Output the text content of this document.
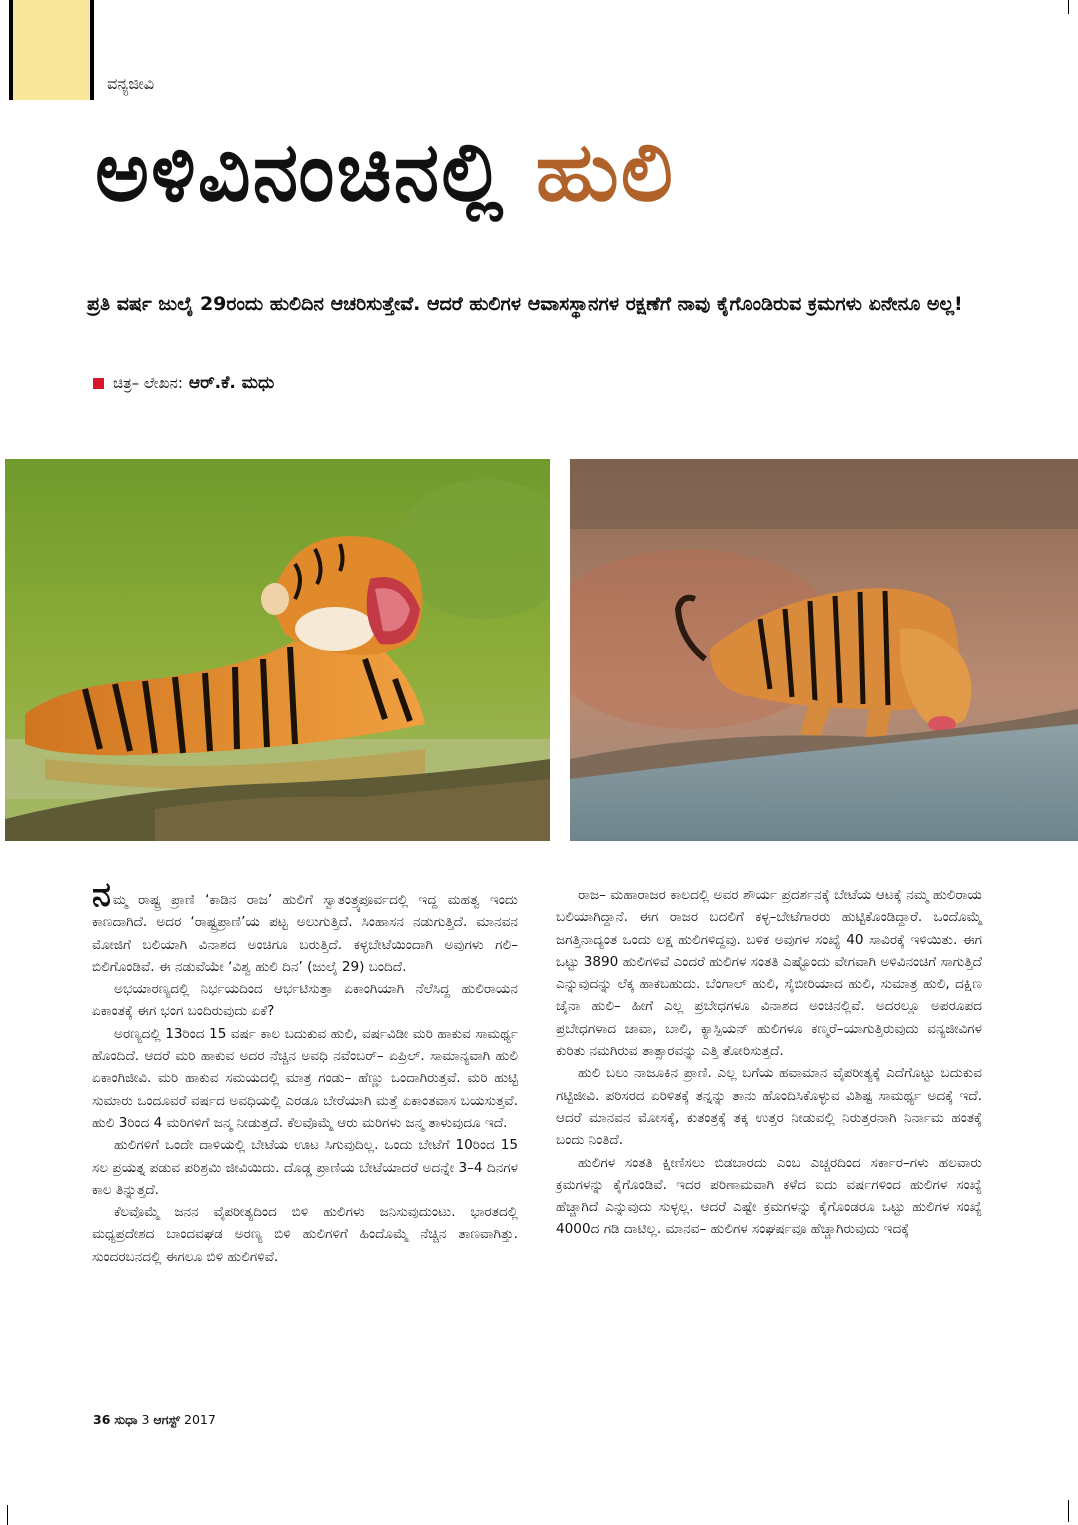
ವನ್ಯಜೀವಿ
ಅಳಿವಿನಂಚಿನಲ್ಲಿ ಹುಲಿ
ಪ್ರತಿ ವರ್ಷ ಜುಲೈ 29ರಂದು ಹುಲಿದಿನ ಆಚರಿಸುತ್ತೇವೆ. ಆದರೆ ಹುಲಿಗಳ ಆವಾಸಸ್ಥಾನಗಳ ರಕ್ಷಣೆಗೆ ನಾವು ಕೈಗೊಂಡಿರುವ ಕ್ರಮಗಳು ಏನೇನೂ ಅಲ್ಲ!
ಚಿತ್ರ– ಲೇಖನ: ಆರ್.ಕೆ. ಮಧು

ನಮ್ಮ ರಾಷ್ಟ್ರ ಪ್ರಾಣಿ ‘ಕಾಡಿನ ರಾಜ’ ಹುಲಿಗೆ ಸ್ವಾತಂತ್ರ್ಯಪೂರ್ವದಲ್ಲಿ ಇದ್ದ ಮಹತ್ವ ಇಂದು ಕಾಣದಾಗಿದೆ. ಅದರ ‘ರಾಷ್ಟ್ರಪ್ರಾಣಿ’ಯ ಪಟ್ಟ ಅಲುಗುತ್ತಿದೆ. ಸಿಂಹಾಸನ ನಡುಗುತ್ತಿದೆ. ಮಾನವನ ಮೋಜಿಗೆ ಬಲಿಯಾಗಿ ವಿನಾಶದ ಅಂಚಿಗೂ ಬರುತ್ತಿದೆ. ಕಳ್ಳಬೇಟೆಯಿಂದಾಗಿ ಅವುಗಳು ಗಲಿ–ಬಿಲಿಗೊಂಡಿವೆ. ಈ ನಡುವೆಯೇ ‘ವಿಶ್ವ ಹುಲಿ ದಿನ’ (ಜುಲೈ 29) ಬಂದಿದೆ.

ಅಭಯಾರಣ್ಯದಲ್ಲಿ ನಿರ್ಭಯದಿಂದ ಆರ್ಭಟಿಸುತ್ತಾ ಏಕಾಂಗಿಯಾಗಿ ನೆಲೆಸಿದ್ದ ಹುಲಿರಾಯನ ಏಕಾಂತಕ್ಕೆ ಈಗ ಭಂಗ ಬಂದಿರುವುದು ಏಕೆ?

ಅರಣ್ಯದಲ್ಲಿ 13ರಿಂದ 15 ವರ್ಷ ಕಾಲ ಬದುಕುವ ಹುಲಿ, ವರ್ಷವಿಡೀ ಮರಿ ಹಾಕುವ ಸಾಮರ್ಥ್ಯ ಹೊಂದಿದೆ. ಆದರೆ ಮರಿ ಹಾಕುವ ಅದರ ನೆಚ್ಚಿನ ಅವಧಿ ನವೆಂಬರ್– ಏಪ್ರಿಲ್. ಸಾಮಾನ್ಯವಾಗಿ ಹುಲಿ ಏಕಾಂಗಿಜೀವಿ. ಮರಿ ಹಾಕುವ ಸಮಯದಲ್ಲಿ ಮಾತ್ರ ಗಂಡು– ಹೆಣ್ಣು ಒಂದಾಗಿರುತ್ತವೆ. ಮರಿ ಹುಟ್ಟಿ ಸುಮಾರು ಒಂದೂವರೆ ವರ್ಷದ ಅವಧಿಯಲ್ಲಿ ಎರಡೂ ಬೇರೆಯಾಗಿ ಮತ್ತೆ ಏಕಾಂತವಾಸ ಬಯಸುತ್ತವೆ. ಹುಲಿ 3ರಿಂದ 4 ಮರಿಗಳಿಗೆ ಜನ್ಮ ನೀಡುತ್ತದೆ. ಕೆಲವೊಮ್ಮೆ ಆರು ಮರಿಗಳು ಜನ್ಮ ತಾಳುವುದೂ ಇದೆ.

ಹುಲಿಗಳಿಗೆ ಒಂದೇ ದಾಳಿಯಲ್ಲಿ ಬೇಟೆಯ ಊಟ ಸಿಗುವುದಿಲ್ಲ. ಒಂದು ಬೇಟೆಗೆ 10ರಿಂದ 15 ಸಲ ಪ್ರಯತ್ನ ಪಡುವ ಪರಿಶ್ರಮಿ ಜೀವಿಯಿದು. ದೊಡ್ಡ ಪ್ರಾಣಿಯ ಬೇಟೆಯಾದರೆ ಅದನ್ನೇ 3–4 ದಿನಗಳ ಕಾಲ ತಿನ್ನುತ್ತದೆ.

ಕೆಲವೊಮ್ಮೆ ಜನನ ವೈಪರೀತ್ಯದಿಂದ ಬಿಳಿ ಹುಲಿಗಳು ಜನಿಸುವುದುಂಟು. ಭಾರತದಲ್ಲಿ ಮಧ್ಯಪ್ರದೇಶದ ಬಾಂದವಘಡ ಅರಣ್ಯ ಬಿಳಿ ಹುಲಿಗಳಿಗೆ ಹಿಂದೊಮ್ಮೆ ನೆಚ್ಚಿನ ತಾಣವಾಗಿತ್ತು. ಸುಂದರಬನದಲ್ಲಿ ಈಗಲೂ ಬಿಳಿ ಹುಲಿಗಳಿವೆ.

ರಾಜ– ಮಹಾರಾಜರ ಕಾಲದಲ್ಲಿ ಅವರ ಶೌರ್ಯ ಪ್ರದರ್ಶನಕ್ಕೆ ಬೇಟೆಯ ಆಟಕ್ಕೆ ನಮ್ಮ ಹುಲಿರಾಯ ಬಲಿಯಾಗಿದ್ದಾನೆ. ಈಗ ರಾಜರ ಬದಲಿಗೆ ಕಳ್ಳ–ಬೇಟೆಗಾರರು ಹುಟ್ಟಿಕೊಂಡಿದ್ದಾರೆ. ಒಂದೊಮ್ಮೆ ಜಗತ್ತಿನಾದ್ಯಂತ ಒಂದು ಲಕ್ಷ ಹುಲಿಗಳಿದ್ದವು. ಬಳಿಕ ಅವುಗಳ ಸಂಖ್ಯೆ 40 ಸಾವಿರಕ್ಕೆ ಇಳಿಯಿತು. ಈಗ ಒಟ್ಟು 3890 ಹುಲಿಗಳಿವೆ ಎಂದರೆ ಹುಲಿಗಳ ಸಂತತಿ ಎಷ್ಟೊಂದು ವೇಗವಾಗಿ ಅಳಿವಿನಂಚಿಗೆ ಸಾಗುತ್ತಿದೆ ಎನ್ನುವುದನ್ನು ಲೆಕ್ಕ ಹಾಕಬಹುದು. ಬೆಂಗಾಲ್ ಹುಲಿ, ಸೈಬೀರಿಯಾದ ಹುಲಿ, ಸುಮಾತ್ರ ಹುಲಿ, ದಕ್ಷಿಣ ಚೈನಾ ಹುಲಿ– ಹೀಗೆ ಎಲ್ಲ ಪ್ರಬೇಧಗಳೂ ವಿನಾಶದ ಅಂಚಿನಲ್ಲಿವೆ. ಅದರಲ್ಲೂ ಅಪರೂಪದ ಪ್ರಬೇಧಗಳಾದ ಜಾವಾ, ಬಾಲಿ, ಕ್ಯಾಸ್ಪಿಯನ್ ಹುಲಿಗಳೂ ಕಣ್ಮರೆ–ಯಾಗುತ್ತಿರುವುದು ವನ್ಯಜೀವಿಗಳ ಕುರಿತು ನಮಗಿರುವ ತಾತ್ಸಾರವನ್ನು ಎತ್ತಿ ತೋರಿಸುತ್ತದೆ.

ಹುಲಿ ಬಲು ನಾಜೂಕಿನ ಪ್ರಾಣಿ. ಎಲ್ಲ ಬಗೆಯ ಹವಾಮಾನ ವೈಪರೀತ್ಯಕ್ಕೆ ಎದೆಗೊಟ್ಟು ಬದುಕುವ ಗಟ್ಟಿಜೀವಿ. ಪರಿಸರದ ಏರಿಳಿತಕ್ಕೆ ತನ್ನನ್ನು ತಾನು ಹೊಂದಿಸಿಕೊಳ್ಳುವ ವಿಶಿಷ್ಟ ಸಾಮರ್ಥ್ಯ ಅದಕ್ಕೆ ಇದೆ. ಆದರೆ ಮಾನವನ ಮೋಸಕ್ಕೆ, ಕುತಂತ್ರಕ್ಕೆ ತಕ್ಕ ಉತ್ತರ ನೀಡುವಲ್ಲಿ ನಿರುತ್ತರನಾಗಿ ನಿರ್ನಾಮ ಹಂತಕ್ಕೆ ಬಂದು ನಿಂತಿದೆ.

ಹುಲಿಗಳ ಸಂತತಿ ಕ್ಷೀಣಿಸಲು ಬಿಡಬಾರದು ಎಂಬ ಎಚ್ಚರದಿಂದ ಸರ್ಕಾರ–ಗಳು ಹಲವಾರು ಕ್ರಮಗಳನ್ನು ಕೈಗೊಂಡಿವೆ. ಇದರ ಪರಿಣಾಮವಾಗಿ ಕಳೆದ ಐದು ವರ್ಷಗಳಿಂದ ಹುಲಿಗಳ ಸಂಖ್ಯೆ ಹೆಚ್ಚಾಗಿದೆ ಎನ್ನುವುದು ಸುಳ್ಳಲ್ಲ. ಆದರೆ ಎಷ್ಟೇ ಕ್ರಮಗಳನ್ನು ಕೈಗೊಂಡರೂ ಒಟ್ಟು ಹುಲಿಗಳ ಸಂಖ್ಯೆ 4000ದ ಗಡಿ ದಾಟಿಲ್ಲ. ಮಾನವ– ಹುಲಿಗಳ ಸಂಘರ್ಷವೂ ಹೆಚ್ಚಾಗಿರುವುದು ಇದಕ್ಕೆ

36 ಸುಧಾ 3 ಆಗಸ್ಟ್ 2017
